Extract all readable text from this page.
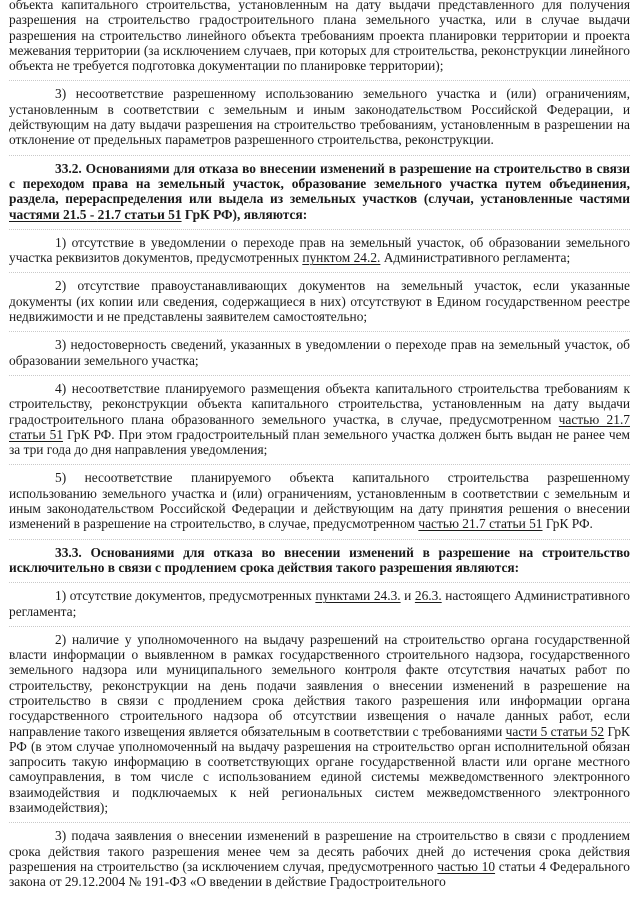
объекта капитального строительства, установленным на дату выдачи представленного для получения разрешения на строительство градостроительного плана земельного участка, или в случае выдачи разрешения на строительство линейного объекта требованиям проекта планировки территории и проекта межевания территории (за исключением случаев, при которых для строительства, реконструкции линейного объекта не требуется подготовка документации по планировке территории);

3) несоответствие разрешенному использованию земельного участка и (или) ограничениям, установленным в соответствии с земельным и иным законодательством Российской Федерации, и действующим на дату выдачи разрешения на строительство требованиям, установленным в разрешении на отклонение от предельных параметров разрешенного строительства, реконструкции.

33.2. Основаниями для отказа во внесении изменений в разрешение на строительство в связи с переходом права на земельный участок, образование земельного участка путем объединения, раздела, перераспределения или выдела из земельных участков (случаи, установленные частями частями 21.5 - 21.7 статьи 51 ГрК РФ), являются:

1) отсутствие в уведомлении о переходе прав на земельный участок, об образовании земельного участка реквизитов документов, предусмотренных пунктом 24.2. Административного регламента;

2) отсутствие правоустанавливающих документов на земельный участок, если указанные документы (их копии или сведения, содержащиеся в них) отсутствуют в Едином государственном реестре недвижимости и не представлены заявителем самостоятельно;

3) недостоверность сведений, указанных в уведомлении о переходе прав на земельный участок, об образовании земельного участка;

4) несоответствие планируемого размещения объекта капитального строительства требованиям к строительству, реконструкции объекта капитального строительства, установленным на дату выдачи градостроительного плана образованного земельного участка, в случае, предусмотренном частью 21.7 статьи 51 ГрК РФ. При этом градостроительный план земельного участка должен быть выдан не ранее чем за три года до дня направления уведомления;

5) несоответствие планируемого объекта капитального строительства разрешенному использованию земельного участка и (или) ограничениям, установленным в соответствии с земельным и иным законодательством Российской Федерации и действующим на дату принятия решения о внесении изменений в разрешение на строительство, в случае, предусмотренном частью 21.7 статьи 51 ГрК РФ.

33.3. Основаниями для отказа во внесении изменений в разрешение на строительство исключительно в связи с продлением срока действия такого разрешения являются:

1) отсутствие документов, предусмотренных пунктами 24.3. и 26.3. настоящего Административного регламента;

2) наличие у уполномоченного на выдачу разрешений на строительство органа государственной власти информации о выявленном в рамках государственного строительного надзора, государственного земельного надзора или муниципального земельного контроля факте отсутствия начатых работ по строительству, реконструкции на день подачи заявления о внесении изменений в разрешение на строительство в связи с продлением срока действия такого разрешения или информации органа государственного строительного надзора об отсутствии извещения о начале данных работ, если направление такого извещения является обязательным в соответствии с требованиями части 5 статьи 52 ГрК РФ (в этом случае уполномоченный на выдачу разрешения на строительство орган исполнительной обязан запросить такую информацию в соответствующих органе государственной власти или органе местного самоуправления, в том числе с использованием единой системы межведомственного электронного взаимодействия и подключаемых к ней региональных систем межведомственного электронного взаимодействия);

3) подача заявления о внесении изменений в разрешение на строительство в связи с продлением срока действия такого разрешения менее чем за десять рабочих дней до истечения срока действия разрешения на строительство (за исключением случая, предусмотренного частью 10 статьи 4 Федерального закона от 29.12.2004 № 191-ФЗ «О введении в действие Градостроительного
